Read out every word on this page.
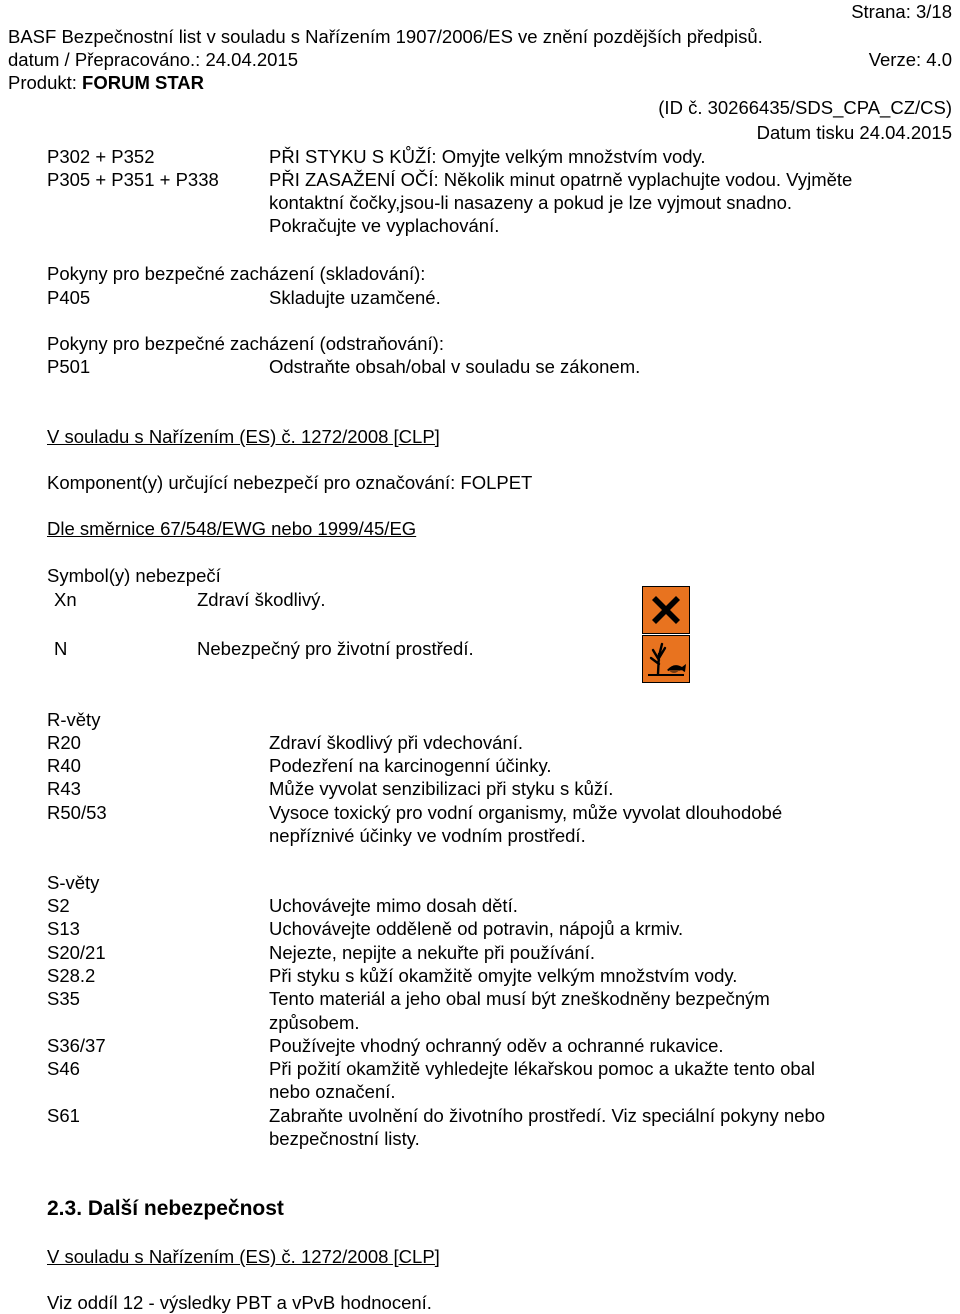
Strana: 3/18
BASF Bezpečnostní list v souladu s Nařízením 1907/2006/ES ve znění pozdějších předpisů.
datum / Přepracováno.: 24.04.2015	Verze: 4.0
Produkt: FORUM STAR
(ID č. 30266435/SDS_CPA_CZ/CS)
Datum tisku 24.04.2015
P302 + P352	PŘI STYKU S KŮŽÍ: Omyjte velkým množstvím vody.
P305 + P351 + P338	PŘI ZASAŽENÍ OČÍ: Několik minut opatrně vyplachujte vodou. Vyjměte
kontaktní čočky,jsou-li nasazeny a pokud je lze vyjmout snadno.
Pokračujte ve vyplachování.
Pokyny pro bezpečné zacházení (skladování):
P405	Skladujte uzamčené.
Pokyny pro bezpečné zacházení (odstraňování):
P501	Odstraňte obsah/obal v souladu se zákonem.
V souladu s Nařízením (ES) č. 1272/2008 [CLP]
Komponent(y) určující nebezpečí pro označování: FOLPET
Dle směrnice 67/548/EWG nebo 1999/45/EG
Symbol(y) nebezpečí
Xn	Zdraví škodlivý.
N	Nebezpečný pro životní prostředí.
R-věty
R20	Zdraví škodlivý při vdechování.
R40	Podezření na karcinogenní účinky.
R43	Může vyvolat senzibilizaci při styku s kůží.
R50/53	Vysoce toxický pro vodní organismy, může vyvolat dlouhodobé
nepříznivé účinky ve vodním prostředí.
S-věty
S2	Uchovávejte mimo dosah dětí.
S13	Uchovávejte odděleně od potravin, nápojů a krmiv.
S20/21	Nejezte, nepijte a nekuřte při používání.
S28.2	Při styku s kůží okamžitě omyjte velkým množstvím vody.
S35	Tento materiál a jeho obal musí být zneškodněny bezpečným
způsobem.
S36/37	Používejte vhodný ochranný oděv a ochranné rukavice.
S46	Při požití okamžitě vyhledejte lékařskou pomoc a ukažte tento obal
nebo označení.
S61	Zabraňte uvolnění do životního prostředí. Viz speciální pokyny nebo
bezpečnostní listy.
2.3. Další nebezpečnost
V souladu s Nařízením (ES) č. 1272/2008 [CLP]
Viz oddíl 12 - výsledky PBT a vPvB hodnocení.
